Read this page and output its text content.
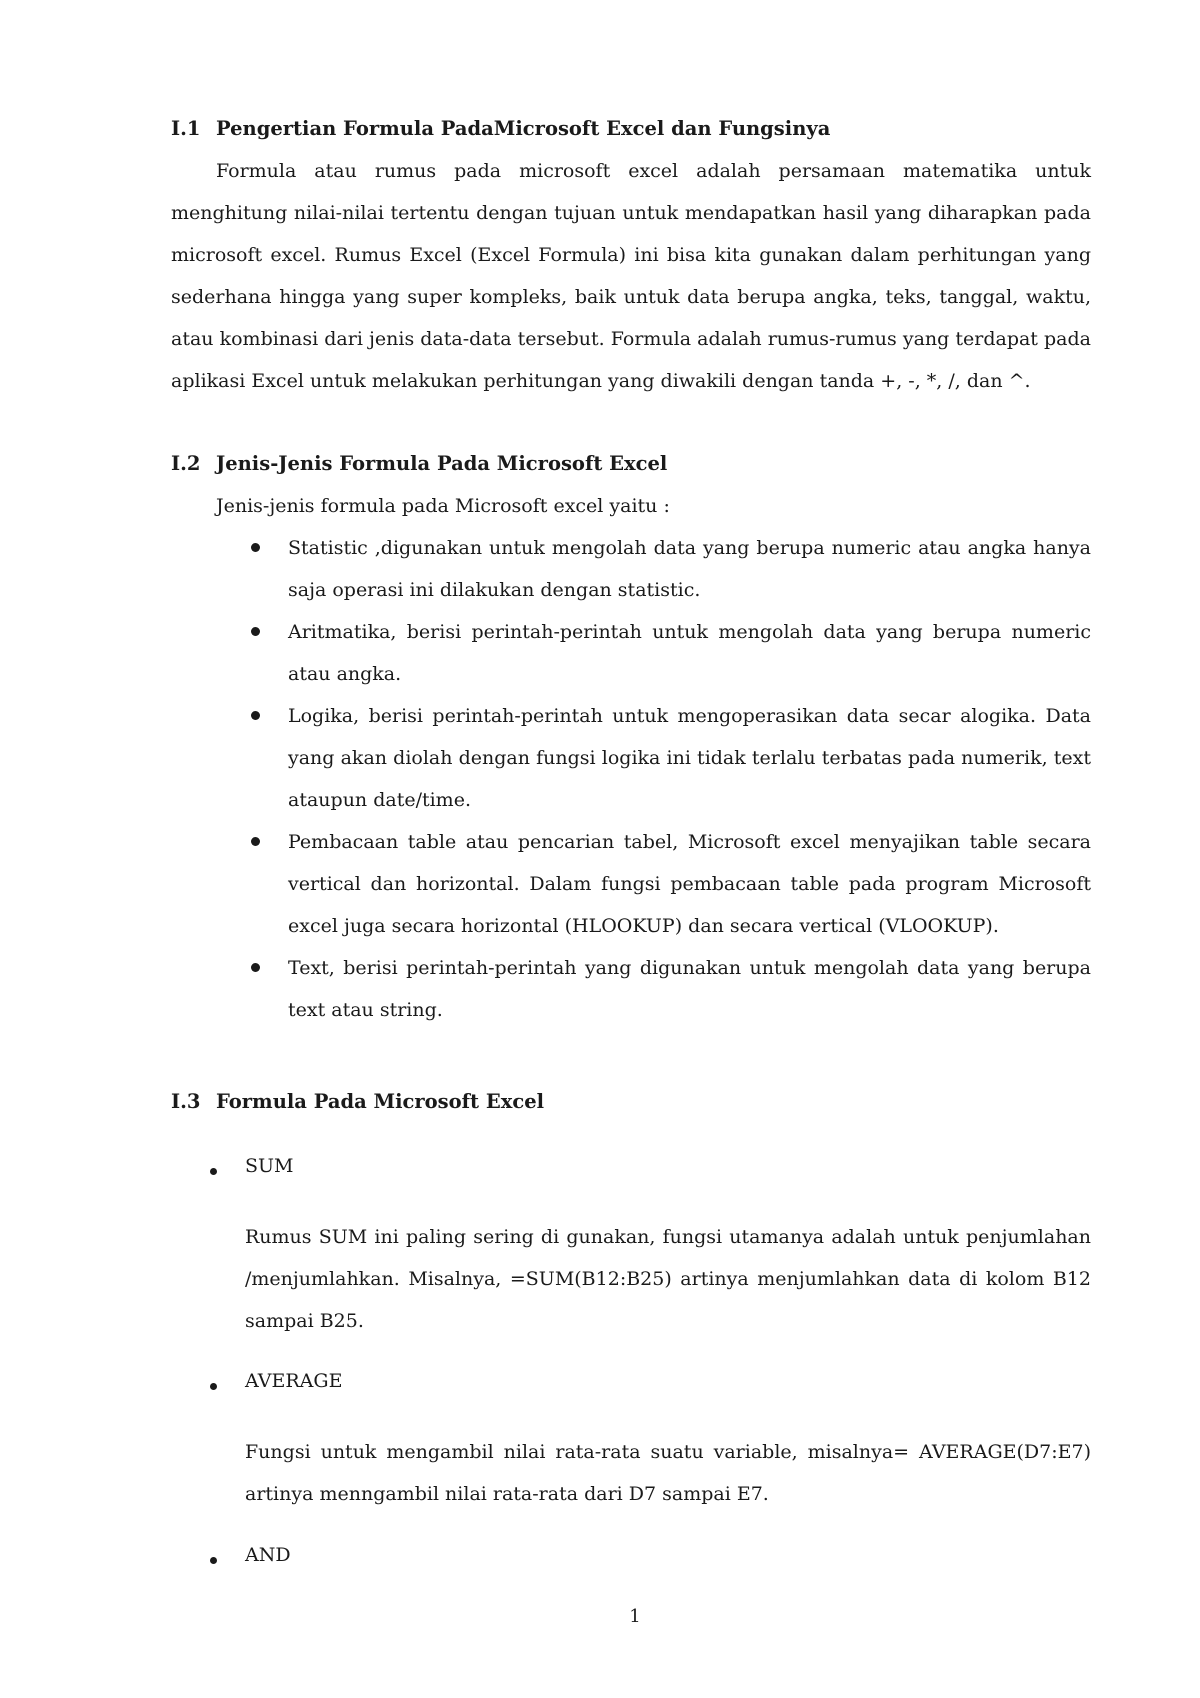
I.1 Pengertian Formula PadaMicrosoft Excel dan Fungsinya
Formula atau rumus pada microsoft excel adalah persamaan matematika untuk menghitung nilai-nilai tertentu dengan tujuan untuk mendapatkan hasil yang diharapkan pada microsoft excel. Rumus Excel (Excel Formula) ini bisa kita gunakan dalam perhitungan yang sederhana hingga yang super kompleks, baik untuk data berupa angka, teks, tanggal, waktu, atau kombinasi dari jenis data-data tersebut. Formula adalah rumus-rumus yang terdapat pada aplikasi Excel untuk melakukan perhitungan yang diwakili dengan tanda +, -, *, /, dan ^.
I.2 Jenis-Jenis Formula Pada Microsoft Excel
Jenis-jenis formula pada Microsoft excel yaitu :
Statistic ,digunakan untuk mengolah data yang berupa numeric atau angka hanya saja operasi ini dilakukan dengan statistic.
Aritmatika, berisi perintah-perintah untuk mengolah data yang berupa numeric atau angka.
Logika, berisi perintah-perintah untuk mengoperasikan data secar alogika. Data yang akan diolah dengan fungsi logika ini tidak terlalu terbatas pada numerik, text ataupun date/time.
Pembacaan table atau pencarian tabel, Microsoft excel menyajikan table secara vertical dan horizontal. Dalam fungsi pembacaan table pada program Microsoft excel juga secara horizontal (HLOOKUP) dan secara vertical (VLOOKUP).
Text, berisi perintah-perintah yang digunakan untuk mengolah data yang berupa text atau string.
I.3 Formula Pada Microsoft Excel
SUM
Rumus SUM ini paling sering di gunakan, fungsi utamanya adalah untuk penjumlahan /menjumlahkan. Misalnya, =SUM(B12:B25) artinya menjumlahkan data di kolom B12 sampai B25.
AVERAGE
Fungsi untuk mengambil nilai rata-rata suatu variable, misalnya= AVERAGE(D7:E7) artinya menngambil nilai rata-rata dari D7 sampai E7.
AND
1
